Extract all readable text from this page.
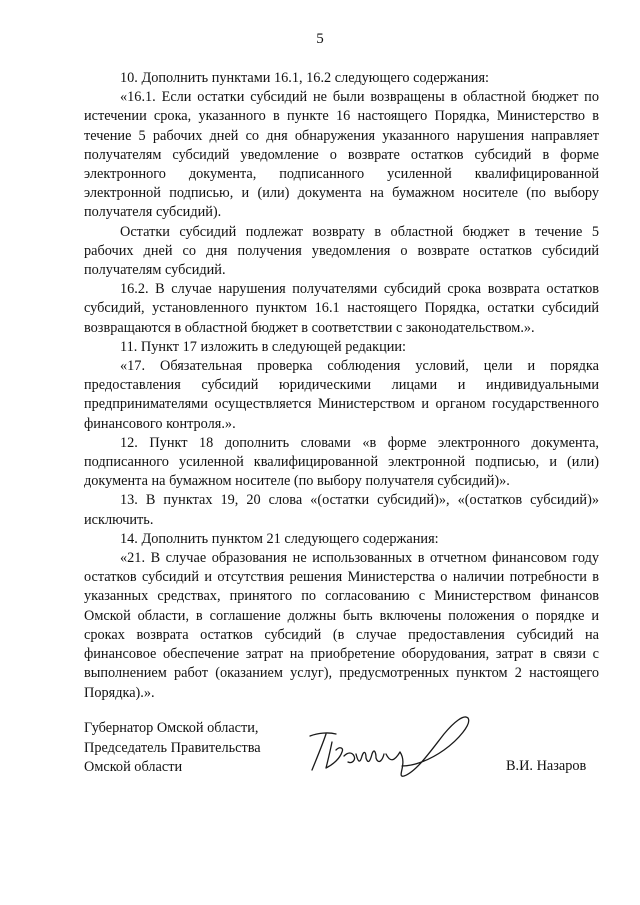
5

10. Дополнить пунктами 16.1, 16.2 следующего содержания:

«16.1. Если остатки субсидий не были возвращены в областной бюджет по истечении срока, указанного в пункте 16 настоящего Порядка, Министерство в течение 5 рабочих дней со дня обнаружения указанного нарушения направляет получателям субсидий уведомление о возврате остатков субсидий в форме электронного документа, подписанного усиленной квалифицированной электронной подписью, и (или) документа на бумажном носителе (по выбору получателя субсидий).

Остатки субсидий подлежат возврату в областной бюджет в течение 5 рабочих дней со дня получения уведомления о возврате остатков субсидий получателям субсидий.

16.2. В случае нарушения получателями субсидий срока возврата остатков субсидий, установленного пунктом 16.1 настоящего Порядка, остатки субсидий возвращаются в областной бюджет в соответствии с законодательством.».

11. Пункт 17 изложить в следующей редакции:

«17. Обязательная проверка соблюдения условий, цели и порядка предоставления субсидий юридическими лицами и индивидуальными предпринимателями осуществляется Министерством и органом государственного финансового контроля.».

12. Пункт 18 дополнить словами «в форме электронного документа, подписанного усиленной квалифицированной электронной подписью, и (или) документа на бумажном носителе (по выбору получателя субсидий)».

13. В пунктах 19, 20 слова «(остатки субсидий)», «(остатков субсидий)» исключить.

14. Дополнить пунктом 21 следующего содержания:

«21. В случае образования не использованных в отчетном финансовом году остатков субсидий и отсутствия решения Министерства о наличии потребности в указанных средствах, принятого по согласованию с Министерством финансов Омской области, в соглашение должны быть включены положения о порядке и сроках возврата остатков субсидий (в случае предоставления субсидий на финансовое обеспечение затрат на приобретение оборудования, затрат в связи с выполнением работ (оказанием услуг), предусмотренных пунктом 2 настоящего Порядка).».

Губернатор Омской области,
Председатель Правительства
Омской области	В.И. Назаров
